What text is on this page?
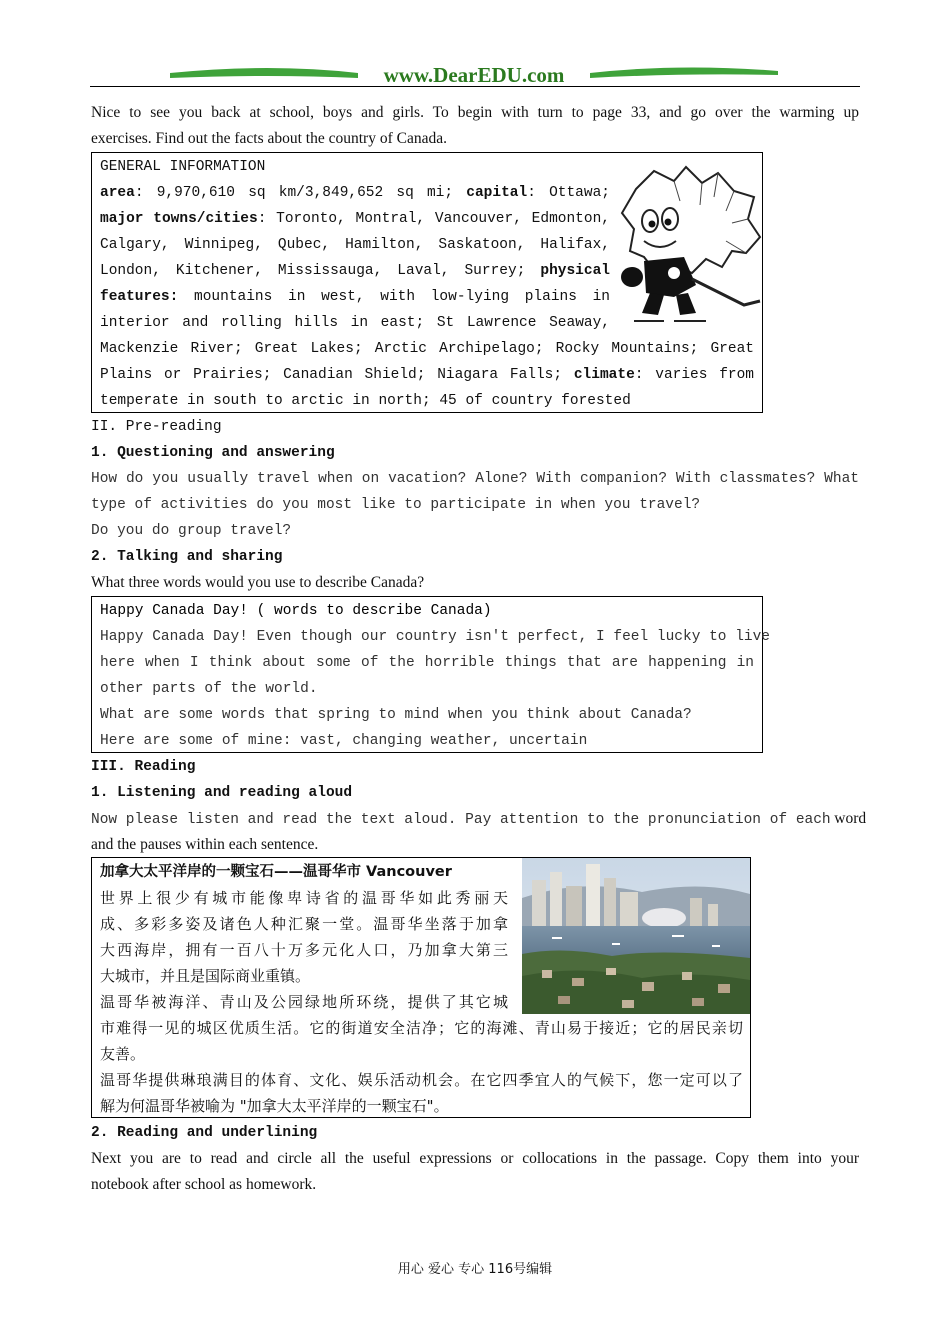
www.DearEDU.com
Nice to see you back at school, boys and girls. To begin with turn to page 33, and go over the warming up
exercises. Find out the facts about the country of Canada.
GENERAL INFORMATION
area: 9,970,610 sq km/3,849,652 sq mi; capital: Ottawa;
major towns/cities: Toronto, Montral, Vancouver, Edmonton,
Calgary, Winnipeg, Qubec, Hamilton, Saskatoon, Halifax,
London, Kitchener, Mississauga, Laval, Surrey; physical
features: mountains in west, with low-lying plains in
interior and rolling hills in east; St Lawrence Seaway,
Mackenzie River; Great Lakes; Arctic Archipelago; Rocky Mountains; Great
Plains or Prairies; Canadian Shield; Niagara Falls; climate: varies from
temperate in south to arctic in north; 45 of country forested
II. Pre-reading
1. Questioning and answering
How do you usually travel when on vacation? Alone? With companion? With classmates? What
type of activities do you most like to participate in when you travel?
Do you do group travel?
2. Talking and sharing
What three words would you use to describe Canada?
Happy Canada Day! ( words to describe Canada)
Happy Canada Day! Even though our country isn't perfect, I feel lucky to live
here when I think about some of the horrible things that are happening in
other parts of the world.
What are some words that spring to mind when you think about Canada?
Here are some of mine: vast, changing weather, uncertain
III. Reading
1. Listening and reading aloud
Now please listen and read the text aloud. Pay attention to the pronunciation of each word
and the pauses within each sentence.
加拿大太平洋岸的一颗宝石——温哥华市 Vancouver
世界上很少有城市能像卑诗省的温哥华如此秀丽天
成、多彩多姿及诸色人种汇聚一堂。温哥华坐落于加拿
大西海岸，拥有一百八十万多元化人口，乃加拿大第三
大城市，并且是国际商业重镇。
温哥华被海洋、青山及公园绿地所环绕，提供了其它城
市难得一见的城区优质生活。它的街道安全洁净；它的海滩、青山易于接近；它的居民亲切
友善。
温哥华提供琳琅满目的体育、文化、娱乐活动机会。在它四季宜人的气候下，您一定可以了
解为何温哥华被喻为 "加拿大太平洋岸的一颗宝石"。
2. Reading and underlining
Next you are to read and circle all the useful expressions or collocations in the passage. Copy them into your
notebook after school as homework.
用心 爱心 专心 116号编辑
